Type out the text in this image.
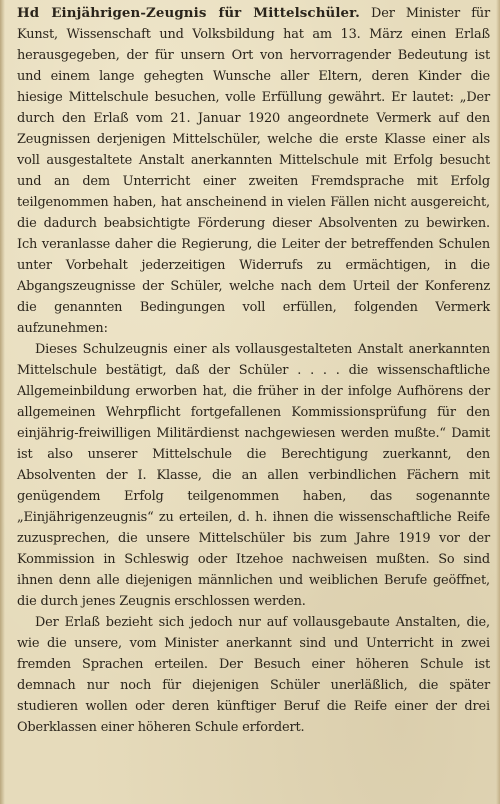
Hd Einjährigen-Zeugnis für Mittelschüler. Der Minister für Kunst, Wissenschaft und Volksbildung hat am 13. März einen Erlaß herausgegeben, der für unsern Ort von hervorragender Bedeutung ist und einem lange gehegten Wunsche aller Eltern, deren Kinder die hiesige Mittelschule besuchen, volle Erfüllung gewährt. Er lautet: „Der durch den Erlaß vom 21. Januar 1920 angeordnete Vermerk auf den Zeugnissen derjenigen Mittelschüler, welche die erste Klasse einer als voll ausgestaltete Anstalt anerkannten Mittelschule mit Erfolg besucht und an dem Unterricht einer zweiten Fremdsprache mit Erfolg teilgenommen haben, hat anscheinend in vielen Fällen nicht ausgereicht, die dadurch beabsichtigte Förderung dieser Absolventen zu bewirken. Ich veranlasse daher die Regierung, die Leiter der betreffenden Schulen unter Vorbehalt jederzeitigen Widerrufs zu ermächtigen, in die Abgangszeugnisse der Schüler, welche nach dem Urteil der Konferenz die genannten Bedingungen voll erfüllen, folgenden Vermerk aufzunehmen:

Dieses Schulzeugnis einer als vollausgestalteten Anstalt anerkannten Mittelschule bestätigt, daß der Schüler . . . . die wissenschaftliche Allgemeinbildung erworben hat, die früher in der infolge Aufhörens der allgemeinen Wehrpflicht fortgefallenen Kommissionsprüfung für den einjährig-freiwilligen Militärdienst nachgewiesen werden mußte.“ Damit ist also unserer Mittelschule die Berechtigung zuerkannt, den Absolventen der I. Klasse, die an allen verbindlichen Fächern mit genügendem Erfolg teilgenommen haben, das sogenannte „Einjährigenzeugnis“ zu erteilen, d. h. ihnen die wissenschaftliche Reife zuzusprechen, die unsere Mittelschüler bis zum Jahre 1919 vor der Kommission in Schleswig oder Itzehoe nachweisen mußten. So sind ihnen denn alle diejenigen männlichen und weiblichen Berufe geöffnet, die durch jenes Zeugnis erschlossen werden.

Der Erlaß bezieht sich jedoch nur auf vollausgebaute Anstalten, die, wie die unsere, vom Minister anerkannt sind und Unterricht in zwei fremden Sprachen erteilen. Der Besuch einer höheren Schule ist demnach nur noch für diejenigen Schüler unerläßlich, die später studieren wollen oder deren künftiger Beruf die Reife einer der drei Oberklassen einer höheren Schule erfordert.
